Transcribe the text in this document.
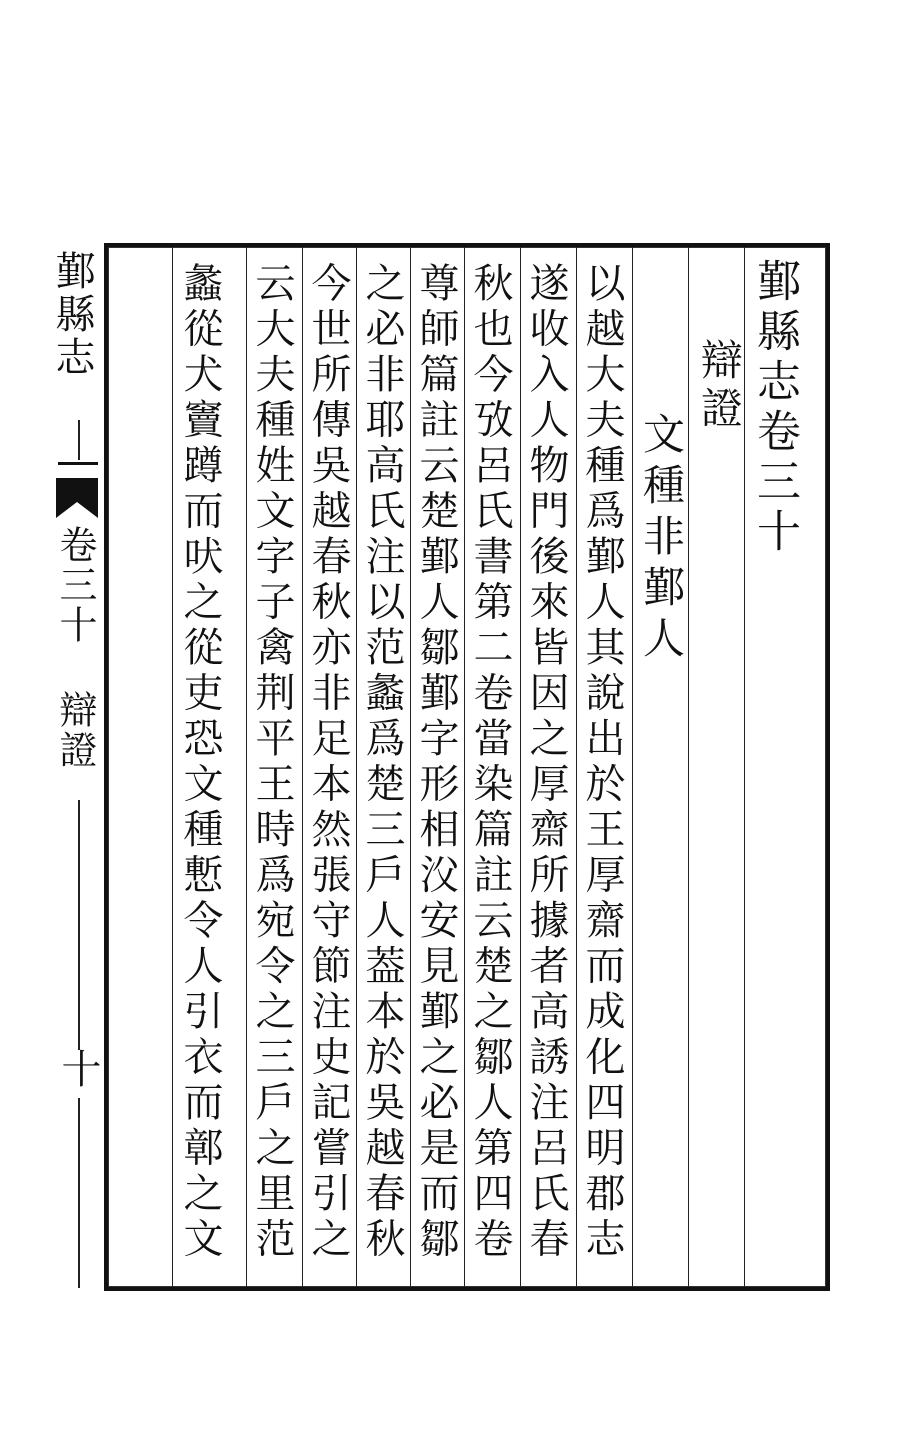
鄞縣志卷三十
辯證
文種非鄞人
以越大夫種爲鄞人其說出於王厚齋而成化四明郡志
遂收入人物門後來皆因之厚齋所據者高誘注呂氏春
秋也今攷呂氏書第二卷當染篇註云楚之鄒人第四卷
尊師篇註云楚鄞人鄒鄞字形相㳇安見鄞之必是而鄒
之必非耶高氏注以范蠡爲楚三戶人葢本於吳越春秋
今世所傳吳越春秋亦非足本然張守節注史記嘗引之
云大夫種姓文字子禽荆平王時爲宛令之三戶之里范
蠡從犬竇蹲而吠之從吏恐文種慙令人引衣而鄣之文
鄞縣志
卷三十
辯證
十
